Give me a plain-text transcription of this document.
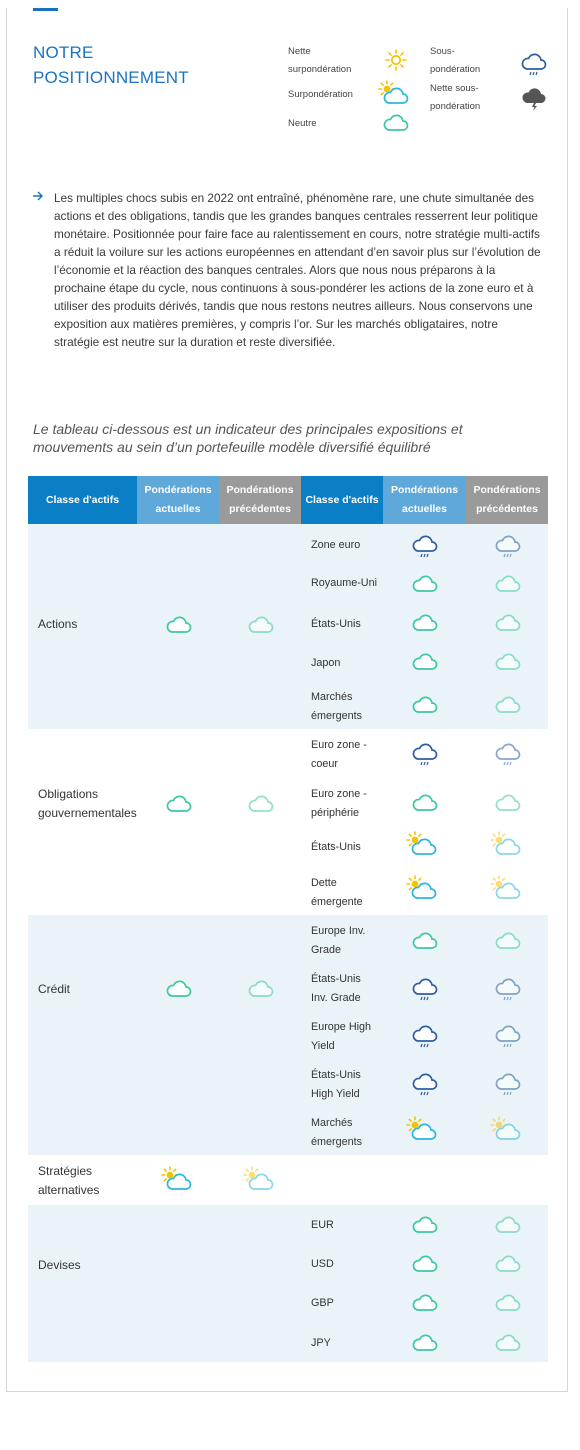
NOTRE
POSITIONNEMENT
Nette
surpondération
Surpondération
Neutre
Sous-
pondération
Nette sous-
pondération
Les multiples chocs subis en 2022 ont entraîné, phénomène rare, une chute simultanée des actions et des obligations, tandis que les grandes banques centrales resserrent leur politique monétaire. Positionnée pour faire face au ralentissement en cours, notre stratégie multi-actifs a réduit la voilure sur les actions européennes en attendant d’en savoir plus sur l’évolution de l’économie et la réaction des banques centrales. Alors que nous nous préparons à la prochaine étape du cycle, nous continuons à sous-pondérer les actions de la zone euro et à utiliser des produits dérivés, tandis que nous restons neutres ailleurs. Nous conservons une exposition aux matières premières, y compris l’or. Sur les marchés obligataires, notre stratégie est neutre sur la duration et reste diversifiée.
Le tableau ci-dessous est un indicateur des principales expositions et mouvements au sein d’un portefeuille modèle diversifié équilibré
Classe d'actifs
Pondérations
actuelles
Pondérations
précédentes
Classe d'actifs
Pondérations
actuelles
Pondérations
précédentes
Actions
Zone euro
Royaume-Uni
États-Unis
Japon
Marchés
émergents
Obligations
gouvernementales
Euro zone -
coeur
Euro zone -
périphérie
États-Unis
Dette
émergente
Crédit
Europe Inv.
Grade
États-Unis
Inv. Grade
Europe High
Yield
États-Unis
High Yield
Marchés
émergents
Stratégies
alternatives
Devises
EUR
USD
GBP
JPY
